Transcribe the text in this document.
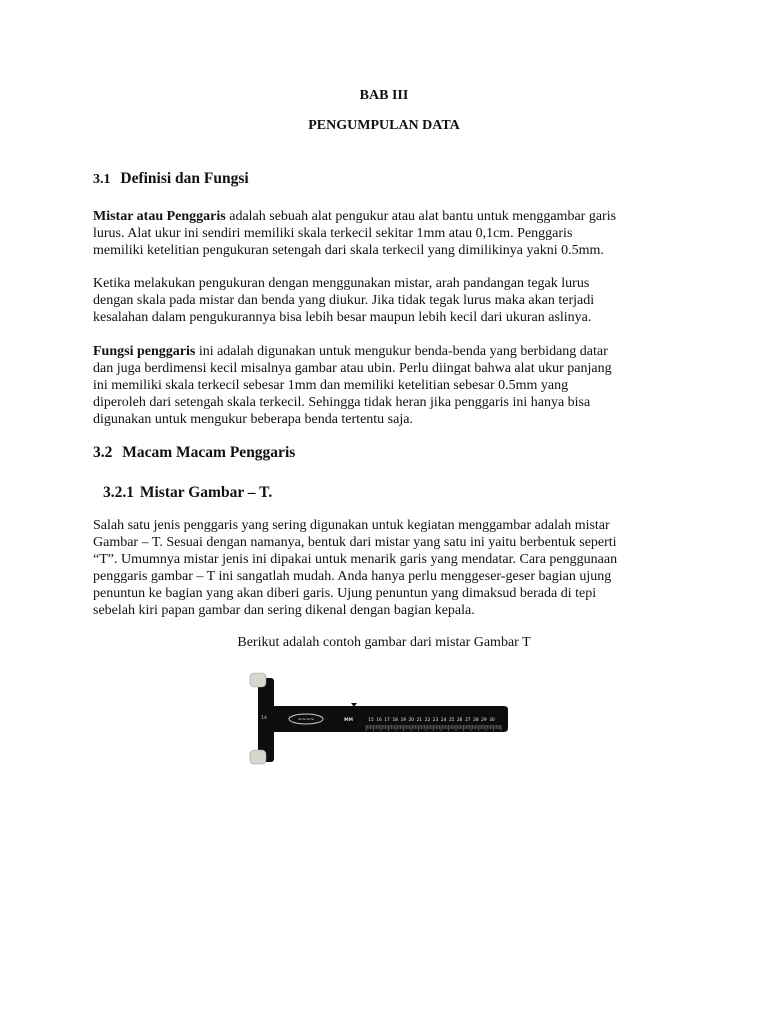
BAB III
PENGUMPULAN DATA
3.1 Definisi dan Fungsi
Mistar atau Penggaris adalah sebuah alat pengukur atau alat bantu untuk menggambar garis
lurus. Alat ukur ini sendiri memiliki skala terkecil sekitar 1mm atau 0,1cm. Penggaris
memiliki ketelitian pengukuran setengah dari skala terkecil yang dimilikinya yakni 0.5mm.
Ketika melakukan pengukuran dengan menggunakan mistar, arah pandangan tegak lurus
dengan skala pada mistar dan benda yang diukur. Jika tidak tegak lurus maka akan terjadi
kesalahan dalam pengukurannya bisa lebih besar maupun lebih kecil dari ukuran aslinya.
Fungsi penggaris ini adalah digunakan untuk mengukur benda-benda yang berbidang datar
dan juga berdimensi kecil misalnya gambar atau ubin. Perlu diingat bahwa alat ukur panjang
ini memiliki skala terkecil sebesar 1mm dan memiliki ketelitian sebesar 0.5mm yang
diperoleh dari setengah skala terkecil. Sehingga tidak heran jika penggaris ini hanya bisa
digunakan untuk mengukur beberapa benda tertentu saja.
3.2 Macam Macam Penggaris
3.2.1 Mistar Gambar – T.
Salah satu jenis penggaris yang sering digunakan untuk kegiatan menggambar adalah mistar
Gambar – T. Sesuai dengan namanya, bentuk dari mistar yang satu ini yaitu berbentuk seperti
“T”. Umumnya mistar jenis ini dipakai untuk menarik garis yang mendatar. Cara penggunaan
penggaris gambar – T ini sangatlah mudah. Anda hanya perlu menggeser-geser bagian ujung
penuntun ke bagian yang akan diberi garis. Ujung penuntun yang dimaksud berada di tepi
sebelah kiri papan gambar dan sering dikenal dengan bagian kepala.
Berikut adalah contoh gambar dari mistar Gambar T
~~~~
14	15 16 17 18 19 20 21 22 23 24 25 26 27 28 29 30
MM
